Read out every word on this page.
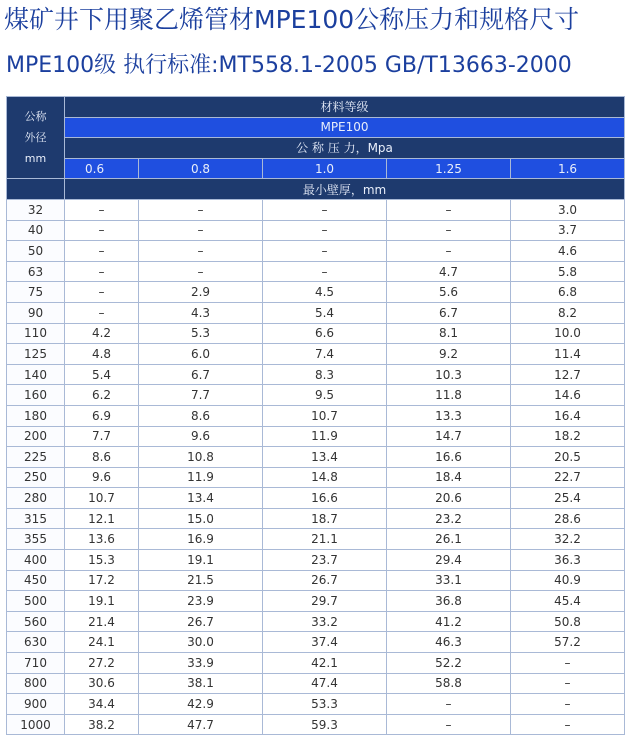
煤矿井下用聚乙烯管材MPE100公称压力和规格尺寸
MPE100级 执行标准:MT558.1-2005 GB/T13663-2000
公称
外径
mm	材料等级				
	MPE100				
	公 称 压 力，Mpa				
	0.6	0.8	1.0	1.25	1.6
	最小壁厚，mm				
32	–	–	–	–	3.0
40	–	–	–	–	3.7
50	–	–	–	–	4.6
63	–	–	–	4.7	5.8
75	–	2.9	4.5	5.6	6.8
90	–	4.3	5.4	6.7	8.2
110	4.2	5.3	6.6	8.1	10.0
125	4.8	6.0	7.4	9.2	11.4
140	5.4	6.7	8.3	10.3	12.7
160	6.2	7.7	9.5	11.8	14.6
180	6.9	8.6	10.7	13.3	16.4
200	7.7	9.6	11.9	14.7	18.2
225	8.6	10.8	13.4	16.6	20.5
250	9.6	11.9	14.8	18.4	22.7
280	10.7	13.4	16.6	20.6	25.4
315	12.1	15.0	18.7	23.2	28.6
355	13.6	16.9	21.1	26.1	32.2
400	15.3	19.1	23.7	29.4	36.3
450	17.2	21.5	26.7	33.1	40.9
500	19.1	23.9	29.7	36.8	45.4
560	21.4	26.7	33.2	41.2	50.8
630	24.1	30.0	37.4	46.3	57.2
710	27.2	33.9	42.1	52.2	–
800	30.6	38.1	47.4	58.8	–
900	34.4	42.9	53.3	–	–
1000	38.2	47.7	59.3	–	–
